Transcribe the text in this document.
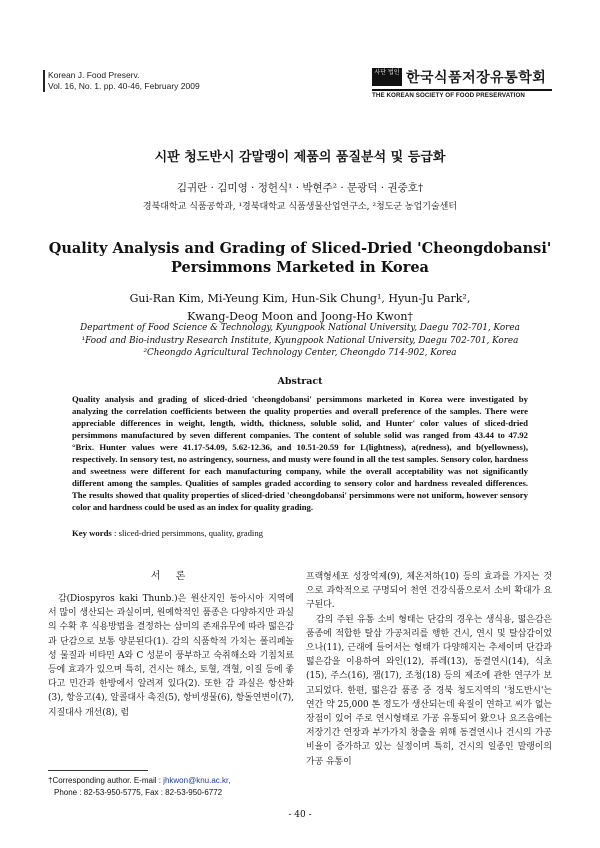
Korean J. Food Preserv.
Vol. 16, No. 1. pp. 40-46, February 2009
사단 법인 한국식품저장유통학회
THE KOREAN SOCIETY OF FOOD PRESERVATION
시판 청도반시 감말랭이 제품의 품질분석 및 등급화
김귀란 · 김미영 · 정헌식¹ · 박현주² · 문광덕 · 권중호†
경북대학교 식품공학과, ¹경북대학교 식품생물산업연구소, ²청도군 농업기술센터
Quality Analysis and Grading of Sliced-Dried 'Cheongdobansi'
Persimmons Marketed in Korea
Gui-Ran Kim, Mi-Yeung Kim, Hun-Sik Chung¹, Hyun-Ju Park²,
Kwang-Deog Moon and Joong-Ho Kwon†
Department of Food Science & Technology, Kyungpook National University, Daegu 702-701, Korea
¹Food and Bio-industry Research Institute, Kyungpook National University, Daegu 702-701, Korea
²Cheongdo Agricultural Technology Center, Cheongdo 714-902, Korea
Abstract
Quality analysis and grading of sliced-dried 'cheongdobansi' persimmons marketed in Korea were investigated by analyzing the correlation coefficients between the quality properties and overall preference of the samples. There were appreciable differences in weight, length, width, thickness, soluble solid, and Hunter' color values of sliced-dried persimmons manufactured by seven different companies. The content of soluble solid was ranged from 43.44 to 47.92 °Brix. Hunter values were 41.17-54.09, 5.62-12.36, and 10.51-20.59 for L(lightness), a(redness), and b(yellowness), respectively. In sensory test, no astringency, sourness, and musty were found in all the test samples. Sensory color, hardness and sweetness were different for each manufacturing company, while the overall acceptability was not significantly different among the samples. Qualities of samples graded according to sensory color and hardness revealed differences. The results showed that quality properties of sliced-dried 'cheongdobansi' persimmons were not uniform, however sensory color and hardness could be used as an index for quality grading.
Key words : sliced-dried persimmons, quality, grading
서 론

감(Diospyros kaki Thunb.)은 원산지인 동아시아 지역에서 많이 생산되는 과실이며, 원예학적인 품종은 다양하지만 과실의 수확 후 식용방법을 결정하는 삼미의 존재유무에 따라 떫은감과 단감으로 보통 양분된다(1). 감의 식품학적 가치는 폴리페놀성 물질과 비타민 A와 C 성분이 풍부하고 숙취해소와 기침치료 등에 효과가 있으며 특히, 건시는 해소, 토혈, 객혈, 이질 등에 좋다고 민간과 한방에서 알려져 있다(2). 또한 감 과실은 항산화(3), 항응고(4), 알콜대사 촉진(5), 항비생물(6), 항돌연변이(7), 지질대사 개선(8), 럼

프랙형세포 성장억제(9), 체온저하(10) 등의 효과를 가지는 것으로 과학적으로 구명되어 천연 건강식품으로서 소비 확대가 요구된다.

감의 주된 유통 소비 형태는 단감의 경우는 생식용, 떫은감은 품종에 적합한 탈삽 가공처리를 행한 건시, 연시 및 탈삽감이었으나(11), 근래에 들어서는 형태가 다양해지는 추세이며 단감과 떫은감을 이용하여 와인(12), 퓨레(13), 동결연시(14), 식초(15), 주스(16), 잼(17), 조청(18) 등의 제조에 관한 연구가 보고되었다. 한편, 떫은감 품종 중 경북 청도지역의 '청도반시'는 연간 약 25,000 톤 정도가 생산되는데 육질이 연하고 씨가 없는 장점이 있어 주로 연시형태로 가공 유통되어 왔으나 요즈음에는 저장기간 연장과 부가가치 창출을 위해 동결연시나 건시의 가공비율이 증가하고 있는 실정이며 특히, 건시의 일종인 말랭이의 가공 유통이

†Corresponding author. E-mail : jhkwon@knu.ac.kr,
Phone : 82-53-950-5775, Fax : 82-53-950-6772
- 40 -
